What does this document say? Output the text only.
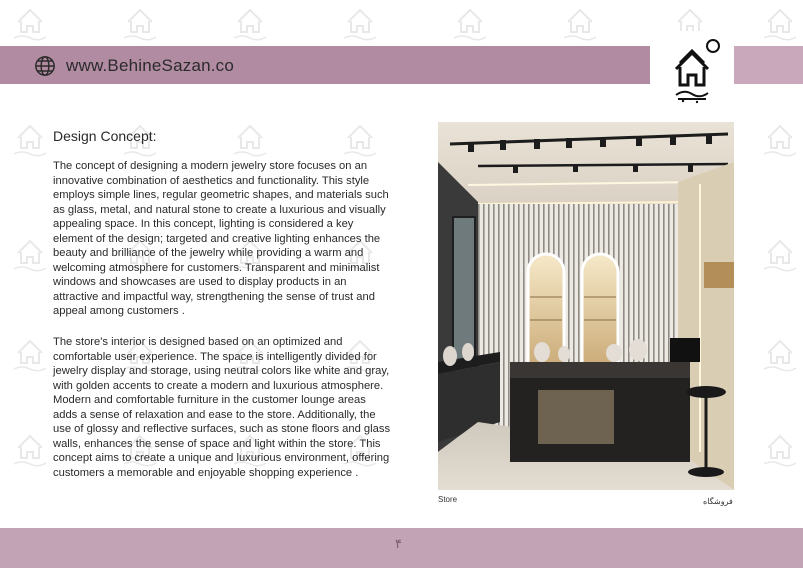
www.BehineSazan.co
Design Concept:

The concept of designing a modern jewelry store focuses on an innovative combination of aesthetics and functionality. This style employs simple lines, regular geometric shapes, and materials such as glass, metal, and natural stone to create a luxurious and visually appealing space. In this concept, lighting is considered a key element of the design; targeted and creative lighting enhances the beauty and brilliance of the jewelry while providing a warm and welcoming atmosphere for customers. Transparent and minimalist windows and showcases are used to display products in an attractive and impactful way, strengthening the sense of trust and appeal among customers .

The store's interior is designed based on an optimized and comfortable user experience. The space is intelligently divided for jewelry display and storage, using neutral colors like white and gray, with golden accents to create a modern and luxurious atmosphere. Modern and comfortable furniture in the customer lounge areas adds a sense of relaxation and ease to the store. Additionally, the use of glossy and reflective surfaces, such as stone floors and glass walls, enhances the sense of space and light within the store. This concept aims to create a unique and luxurious environment, offering customers a memorable and enjoyable shopping experience .

Store	فروشگاه
۴
